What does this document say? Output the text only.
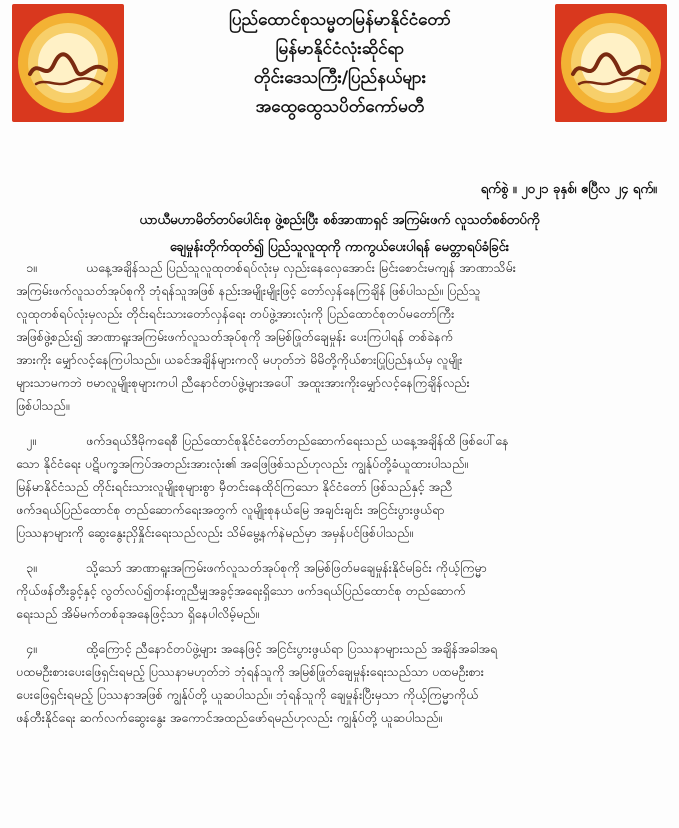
ပြည်ထောင်စုသမ္မတမြန်မာနိုင်ငံတော်
မြန်မာနိုင်ငံလုံးဆိုင်ရာ
တိုင်းဒေသကြီး/ပြည်နယ်များ
အထွေထွေသပိတ်ကော်မတီ
ရက်စွဲ ။ ၂၀၂၁ ခုနှစ်၊ ဧပြီလ ၂၄ ရက်။
ယာယီမဟာမိတ်တပ်ပေါင်းစု ဖွဲ့စည်းပြီး စစ်အာဏာရှင် အကြမ်းဖက် လူသတ်စစ်တပ်ကို
ချေမှုန်းတိုက်ထုတ်၍ ပြည်သူလူထုကို ကာကွယ်ပေးပါရန် မေတ္တာရပ်ခံခြင်း
၁။	ယနေ့အချိန်သည် ပြည်သူလူထုတစ်ရပ်လုံးမှ လှည်းနေလှေအောင်း မြင်းစောင်းမကျန် အာဏာသိမ်း
အကြမ်းဖက်လူသတ်အုပ်စုကို ဘုံရန်သူအဖြစ် နည်းအမျိုးမျိုးဖြင့် တော်လှန်နေကြချိန် ဖြစ်ပါသည်။ ပြည်သူ
လူထုတစ်ရပ်လုံးမှလည်း တိုင်းရင်းသားတော်လှန်ရေး တပ်ဖွဲ့အားလုံးကို ပြည်ထောင်စုတပ်မတော်ကြီး
အဖြစ်ဖွဲ့စည်း၍ အာဏာရူးအကြမ်းဖက်လူသတ်အုပ်စုကို အမြစ်ဖြုတ်ချေမှုန်း ပေးကြပါရန် တစ်ခဲနက်
အားကိုး မျှော်လင့်နေကြပါသည်။ ယခင်အချိန်များကလို မဟုတ်ဘဲ မိမိတို့ကိုယ်စားပြုပြည်နယ်မှ လူမျိုး
များသာမကဘဲ ဗမာလူမျိုးစုများကပါ ညီနောင်တပ်ဖွဲ့များအပေါ် အထူးအားကိုးမျှော်လင့်နေကြချိန်လည်း
ဖြစ်ပါသည်။
၂။	ဖက်ဒရယ်ဒီမိုကရေစီ ပြည်ထောင်စုနိုင်ငံတော်တည်ဆောက်ရေးသည် ယနေ့အချိန်ထိ ဖြစ်ပေါ်နေ
သော နိုင်ငံရေး ပဋိပက္ခအကြပ်အတည်းအားလုံး၏ အဖြေဖြစ်သည်ဟုလည်း ကျွန်ုပ်တို့ခံယူထားပါသည်။
မြန်မာနိုင်ငံသည် တိုင်းရင်းသားလူမျိုးစုများစွာ မှီတင်းနေထိုင်ကြသော နိုင်ငံတော် ဖြစ်သည်နှင့် အညီ
ဖက်ဒရယ်ပြည်ထောင်စု တည်ဆောက်ရေးအတွက် လူမျိုးစုနယ်မြေ အချင်းချင်း အငြင်းပွားဖွယ်ရာ
ပြဿနာများကို ဆွေးနွေးညှိနှိုင်းရေးသည်လည်း သိမ်မွေ့နက်နဲမည်မှာ အမှန်ပင်ဖြစ်ပါသည်။
၃။	သို့သော် အာဏာရူးအကြမ်းဖက်လူသတ်အုပ်စုကို အမြစ်ဖြတ်မချေမှုန်းနိုင်မခြင်း ကိုယ့်ကြမ္မာ
ကိုယ်ဖန်တီးခွင့်နှင့် လွတ်လပ်၍တန်းတူညီမျှအခွင့်အရေးရှိသော ဖက်ဒရယ်ပြည်ထောင်စု တည်ဆောက်
ရေးသည် အိမ်မက်တစ်ခုအနေဖြင့်သာ ရှိနေပါလိမ့်မည်။
၄။	ထို့ကြောင့် ညီနောင်တပ်ဖွဲ့များ အနေဖြင့် အငြင်းပွားဖွယ်ရာ ပြဿနာများသည် အချိန်အခါအရ
ပထမဦးစားပေးဖြေရှင်းရမည့် ပြဿနာမဟုတ်ဘဲ ဘုံရန်သူကို အမြစ်ဖြုတ်ချေမှုန်းရေးသည်သာ ပထမဦးစား
ပေးဖြေရှင်းရမည့် ပြဿနာအဖြစ် ကျွန်ုပ်တို့ ယူဆပါသည်။ ဘုံရန်သူကို ချေမှုန်းပြီးမှသာ ကိုယ့်ကြမ္မာကိုယ်
ဖန်တီးနိုင်ရေး ဆက်လက်ဆွေးနွေး အကောင်အထည်ဖော်ရမည်ဟုလည်း ကျွန်ုပ်တို့ ယူဆပါသည်။
